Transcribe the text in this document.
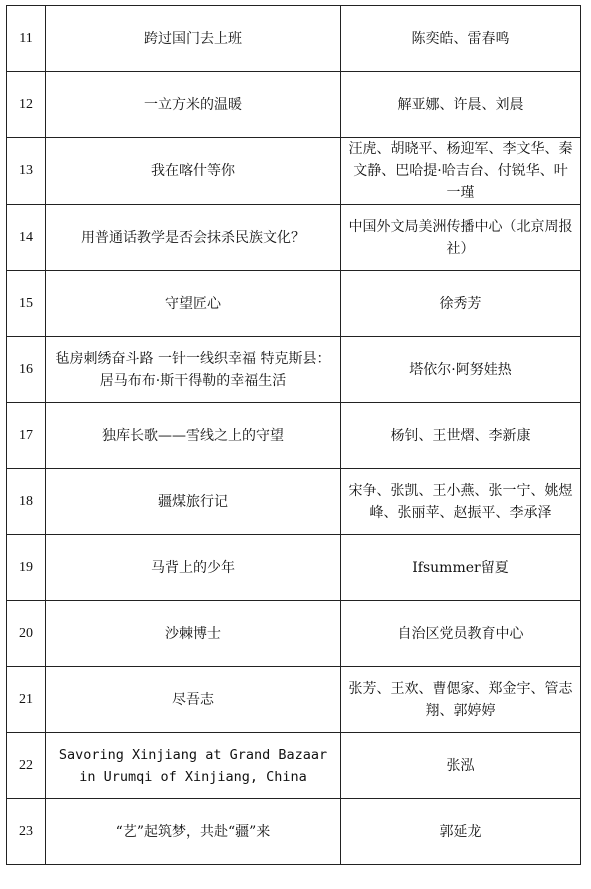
11	跨过国门去上班	陈奕皓、雷春鸣
12	一立方米的温暖	解亚娜、许晨、刘晨
13	我在喀什等你	汪虎、胡晓平、杨迎军、李文华、秦文静、巴哈提·哈吉台、付锐华、叶一瑾
14	用普通话教学是否会抹杀民族文化？	中国外文局美洲传播中心（北京周报社）
15	守望匠心	徐秀芳
16	毡房刺绣奋斗路 一针一线织幸福 特克斯县：居马布布·斯干得勒的幸福生活	塔依尔·阿努娃热
17	独库长歌——雪线之上的守望	杨钊、王世熠、李新康
18	疆煤旅行记	宋争、张凯、王小燕、张一宁、姚煜峰、张丽苹、赵振平、李承泽
19	马背上的少年	Ifsummer留夏
20	沙棘博士	自治区党员教育中心
21	尽吾志	张芳、王欢、曹偲家、郑金宇、管志翔、郭婷婷
22	Savoring Xinjiang at Grand Bazaar in Urumqi of Xinjiang, China	张泓
23	“艺”起筑梦，共赴“疆”来	郭延龙
